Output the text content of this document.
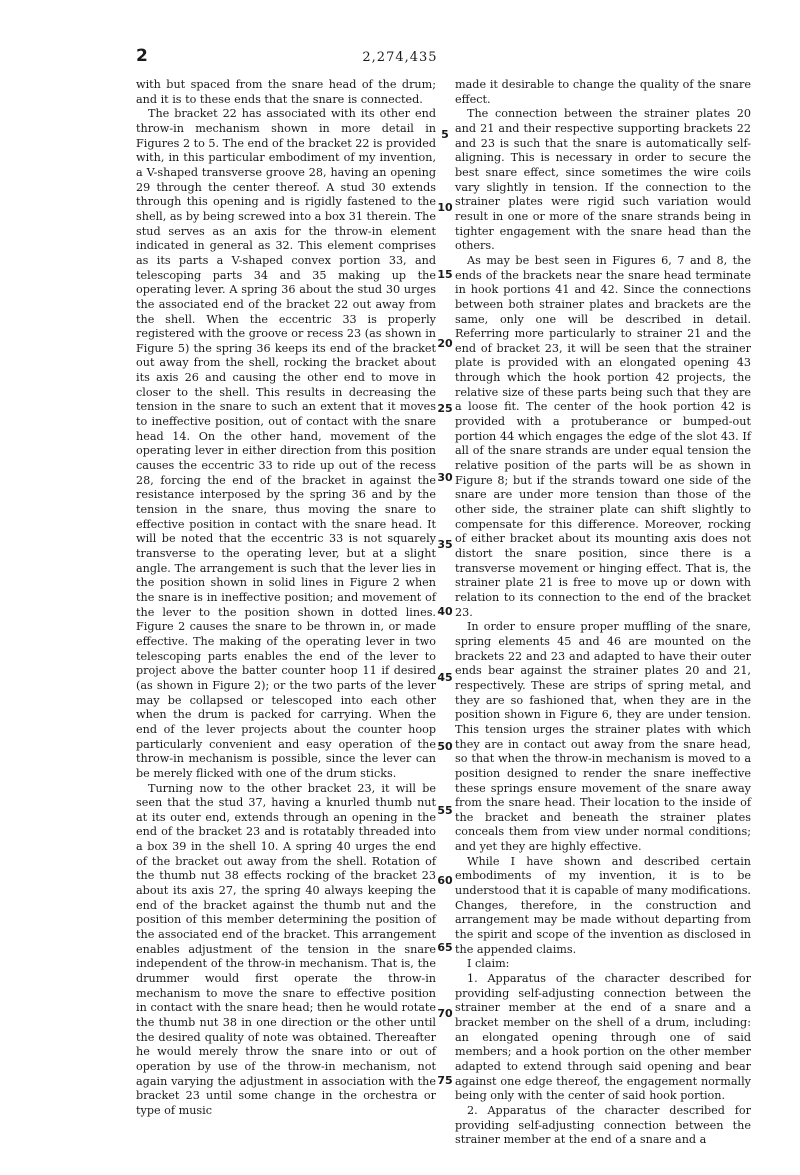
2	2,274,435

with but spaced from the snare head of the drum; and it is to these ends that the snare is connected.

The bracket 22 has associated with its other end throw-in mechanism shown in more detail in Figures 2 to 5. The end of the bracket 22 is provided with, in this particular embodiment of my invention, a V-shaped transverse groove 28, having an opening 29 through the center thereof. A stud 30 extends through this opening and is rigidly fastened to the shell, as by being screwed into a box 31 therein. The stud serves as an axis for the throw-in element indicated in general as 32. This element comprises as its parts a V-shaped convex portion 33, and telescoping parts 34 and 35 making up the operating lever. A spring 36 about the stud 30 urges the associated end of the bracket 22 out away from the shell. When the eccentric 33 is properly registered with the groove or recess 23 (as shown in Figure 5) the spring 36 keeps its end of the bracket out away from the shell, rocking the bracket about its axis 26 and causing the other end to move in closer to the shell. This results in decreasing the tension in the snare to such an extent that it moves to ineffective position, out of contact with the snare head 14. On the other hand, movement of the operating lever in either direction from this position causes the eccentric 33 to ride up out of the recess 28, forcing the end of the bracket in against the resistance interposed by the spring 36 and by the tension in the snare, thus moving the snare to effective position in contact with the snare head. It will be noted that the eccentric 33 is not squarely transverse to the operating lever, but at a slight angle. The arrangement is such that the lever lies in the position shown in solid lines in Figure 2 when the snare is in ineffective position; and movement of the lever to the position shown in dotted lines. Figure 2 causes the snare to be thrown in, or made effective. The making of the operating lever in two telescoping parts enables the end of the lever to project above the batter counter hoop 11 if desired (as shown in Figure 2); or the two parts of the lever may be collapsed or telescoped into each other when the drum is packed for carrying. When the end of the lever projects about the counter hoop particularly convenient and easy operation of the throw-in mechanism is possible, since the lever can be merely flicked with one of the drum sticks.

Turning now to the other bracket 23, it will be seen that the stud 37, having a knurled thumb nut at its outer end, extends through an opening in the end of the bracket 23 and is rotatably threaded into a box 39 in the shell 10. A spring 40 urges the end of the bracket out away from the shell. Rotation of the thumb nut 38 effects rocking of the bracket 23 about its axis 27, the spring 40 always keeping the end of the bracket against the thumb nut and the position of this member determining the position of the associated end of the bracket. This arrangement enables adjustment of the tension in the snare independent of the throw-in mechanism. That is, the drummer would first operate the throw-in mechanism to move the snare to effective position in contact with the snare head; then he would rotate the thumb nut 38 in one direction or the other until the desired quality of note was obtained. Thereafter he would merely throw the snare into or out of operation by use of the throw-in mechanism, not again varying the adjustment in association with the bracket 23 until some change in the orchestra or type of music

made it desirable to change the quality of the snare effect.

The connection between the strainer plates 20 and 21 and their respective supporting brackets 22 and 23 is such that the snare is automatically self-aligning. This is necessary in order to secure the best snare effect, since sometimes the wire coils vary slightly in tension. If the connection to the strainer plates were rigid such variation would result in one or more of the snare strands being in tighter engagement with the snare head than the others.

As may be best seen in Figures 6, 7 and 8, the ends of the brackets near the snare head terminate in hook portions 41 and 42. Since the connections between both strainer plates and brackets are the same, only one will be described in detail. Referring more particularly to strainer 21 and the end of bracket 23, it will be seen that the strainer plate is provided with an elongated opening 43 through which the hook portion 42 projects, the relative size of these parts being such that they are a loose fit. The center of the hook portion 42 is provided with a protuberance or bumped-out portion 44 which engages the edge of the slot 43. If all of the snare strands are under equal tension the relative position of the parts will be as shown in Figure 8; but if the strands toward one side of the snare are under more tension than those of the other side, the strainer plate can shift slightly to compensate for this difference. Moreover, rocking of either bracket about its mounting axis does not distort the snare position, since there is a transverse movement or hinging effect. That is, the strainer plate 21 is free to move up or down with relation to its connection to the end of the bracket 23.

In order to ensure proper muffling of the snare, spring elements 45 and 46 are mounted on the brackets 22 and 23 and adapted to have their outer ends bear against the strainer plates 20 and 21, respectively. These are strips of spring metal, and they are so fashioned that, when they are in the position shown in Figure 6, they are under tension. This tension urges the strainer plates with which they are in contact out away from the snare head, so that when the throw-in mechanism is moved to a position designed to render the snare ineffective these springs ensure movement of the snare away from the snare head. Their location to the inside of the bracket and beneath the strainer plates conceals them from view under normal conditions; and yet they are highly effective.

While I have shown and described certain embodiments of my invention, it is to be understood that it is capable of many modifications. Changes, therefore, in the construction and arrangement may be made without departing from the spirit and scope of the invention as disclosed in the appended claims.

I claim:

1. Apparatus of the character described for providing self-adjusting connection between the strainer member at the end of a snare and a bracket member on the shell of a drum, including: an elongated opening through one of said members; and a hook portion on the other member adapted to extend through said opening and bear against one edge thereof, the engagement normally being only with the center of said hook portion.

2. Apparatus of the character described for providing self-adjusting connection between the strainer member at the end of a snare and a

5
10
15
20
25
30
35
40
45
50
55
60
65
70
75
